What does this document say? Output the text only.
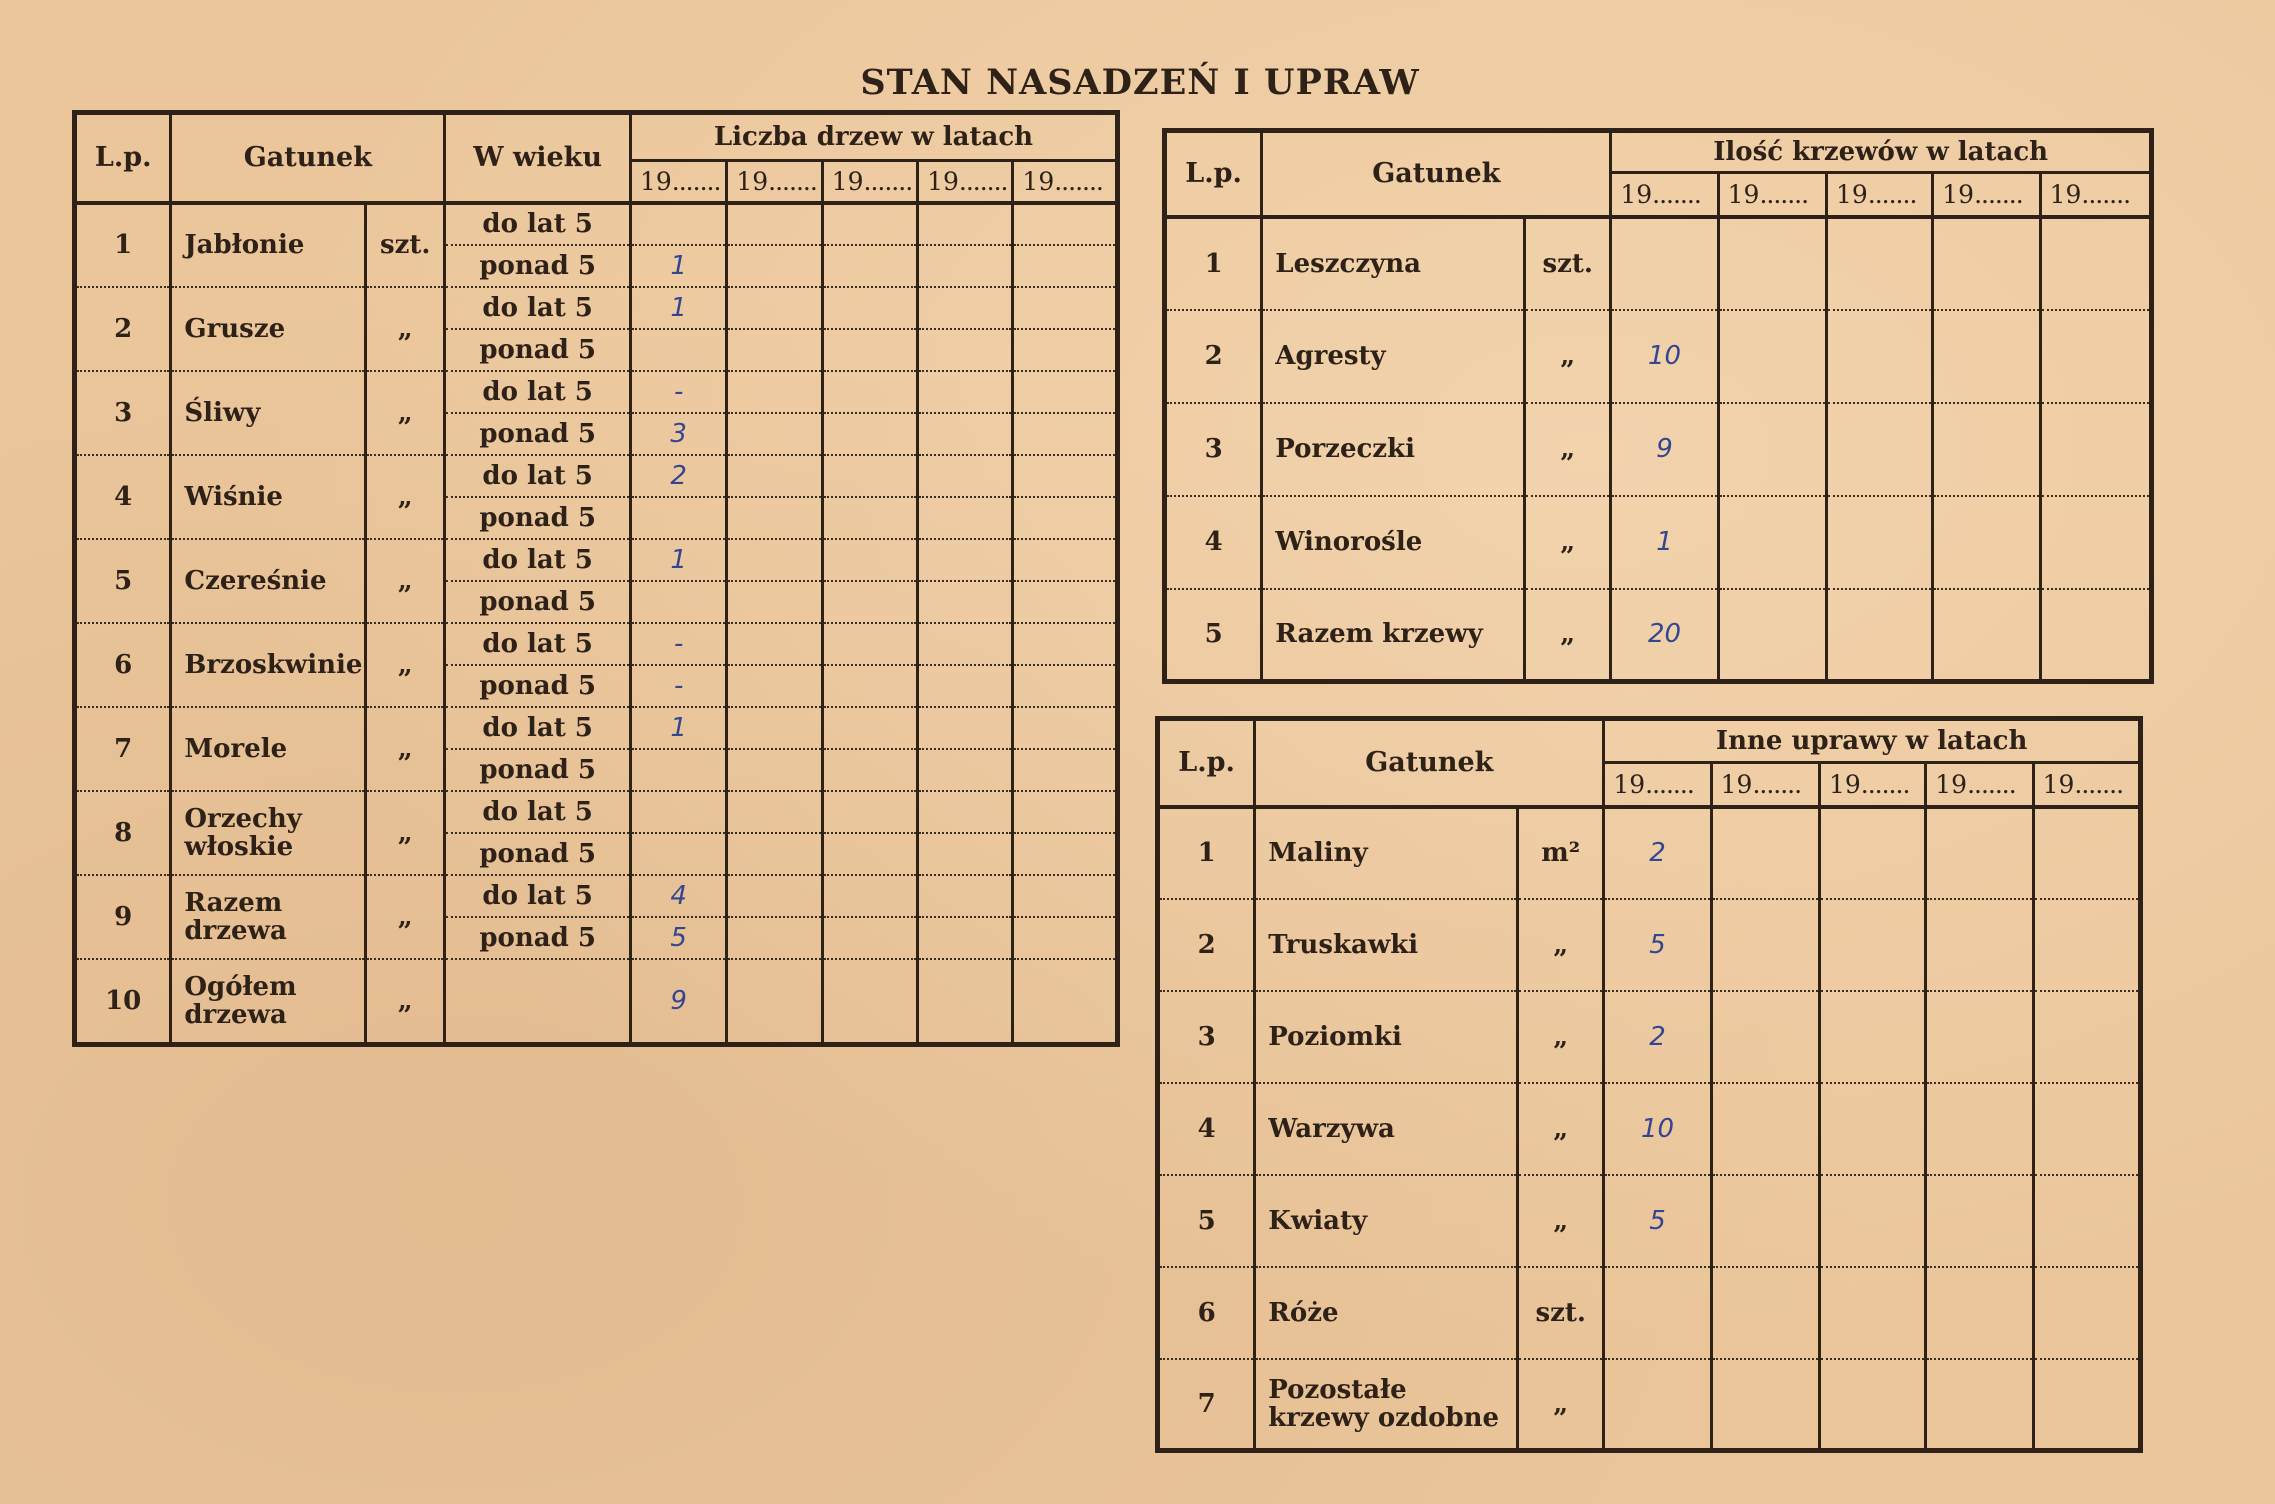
STAN NASADZEŃ I UPRAW
L.p.	Gatunek		W wieku	Liczba drzew w latach				
				19.......	19.......	19.......	19.......	19.......
1	Jabłonie	szt.	do lat 5					
			ponad 5	1				
2	Grusze	„	do lat 5	1				
			ponad 5					
3	Śliwy	„	do lat 5	-				
			ponad 5	3				
4	Wiśnie	„	do lat 5	2				
			ponad 5					
5	Czereśnie	„	do lat 5	1				
			ponad 5					
6	Brzoskwinie	„	do lat 5	-				
			ponad 5	-				
7	Morele	„	do lat 5	1				
			ponad 5					
8	Orzechy włoskie	„	do lat 5					
			ponad 5					
9	Razem drzewa	„	do lat 5	4				
			ponad 5	5				
10	Ogółem drzewa	„		9				
L.p.	Gatunek		Ilość krzewów w latach				
			19.......	19.......	19.......	19.......	19.......
1	Leszczyna	szt.					
2	Agresty	„	10				
3	Porzeczki	„	9				
4	Winorośle	„	1				
5	Razem krzewy	„	20				
L.p.	Gatunek		Inne uprawy w latach				
			19.......	19.......	19.......	19.......	19.......
1	Maliny	m²	2				
2	Truskawki	„	5				
3	Poziomki	„	2				
4	Warzywa	„	10				
5	Kwiaty	„	5				
6	Róże	szt.					
7	Pozostałe krzewy ozdobne	„					
